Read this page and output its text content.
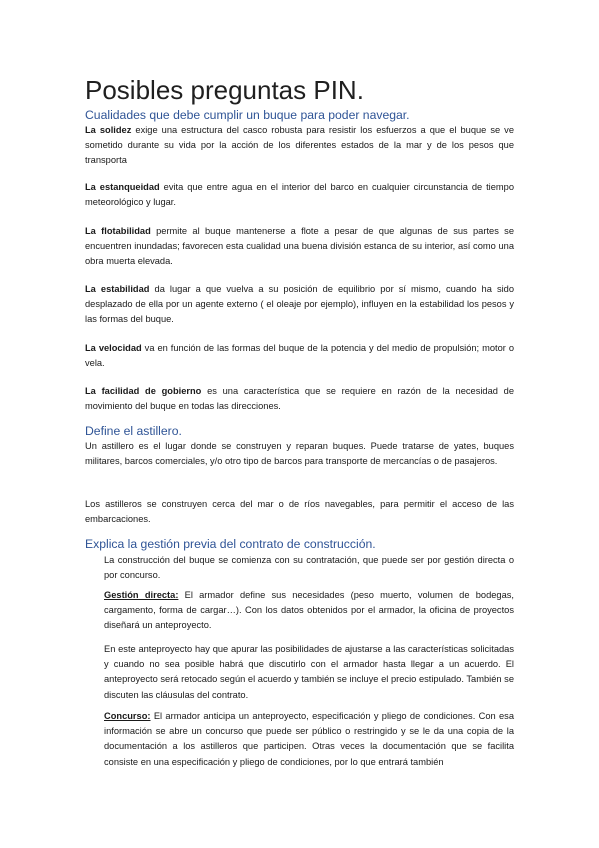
Posibles preguntas PIN.
Cualidades que debe cumplir un buque para poder navegar.
La solidez exige una estructura del casco robusta para resistir los esfuerzos a que el buque se ve sometido durante su vida por la acción de los diferentes estados de la mar y de los pesos que transporta
La estanqueidad evita que entre agua en el interior del barco en cualquier circunstancia de tiempo meteorológico y lugar.
La flotabilidad permite al buque mantenerse a flote a pesar de que algunas de sus partes se encuentren inundadas; favorecen esta cualidad una buena división estanca de su interior, así como una obra muerta elevada.
La estabilidad da lugar a que vuelva a su posición de equilibrio por sí mismo, cuando ha sido desplazado de ella por un agente externo ( el oleaje por ejemplo), influyen en la estabilidad los pesos y las formas del buque.
La velocidad va en función de las formas del buque de la potencia y del medio de propulsión; motor o vela.
La facilidad de gobierno es una característica que se requiere en razón de la necesidad de movimiento del buque en todas las direcciones.
Define el astillero.
Un astillero es el lugar donde se construyen y reparan buques. Puede tratarse de yates, buques militares, barcos comerciales, y/o otro tipo de barcos para transporte de mercancías o de pasajeros.
Los astilleros se construyen cerca del mar o de ríos navegables, para permitir el acceso de las embarcaciones.
Explica la gestión previa del contrato de construcción.
La construcción del buque se comienza con su contratación, que puede ser por gestión directa o por concurso.
Gestión directa: El armador define sus necesidades (peso muerto, volumen de bodegas, cargamento, forma de cargar…). Con los datos obtenidos por el armador, la oficina de proyectos diseñará un anteproyecto.
En este anteproyecto hay que apurar las posibilidades de ajustarse a las características solicitadas y cuando no sea posible habrá que discutirlo con el armador hasta llegar a un acuerdo. El anteproyecto será retocado según el acuerdo y también se incluye el precio estipulado. También se discuten las cláusulas del contrato.
Concurso: El armador anticipa un anteproyecto, especificación y pliego de condiciones. Con esa información se abre un concurso que puede ser público o restringido y se le da una copia de la documentación a los astilleros que participen. Otras veces la documentación que se facilita consiste en una especificación y pliego de condiciones, por lo que entrará también
